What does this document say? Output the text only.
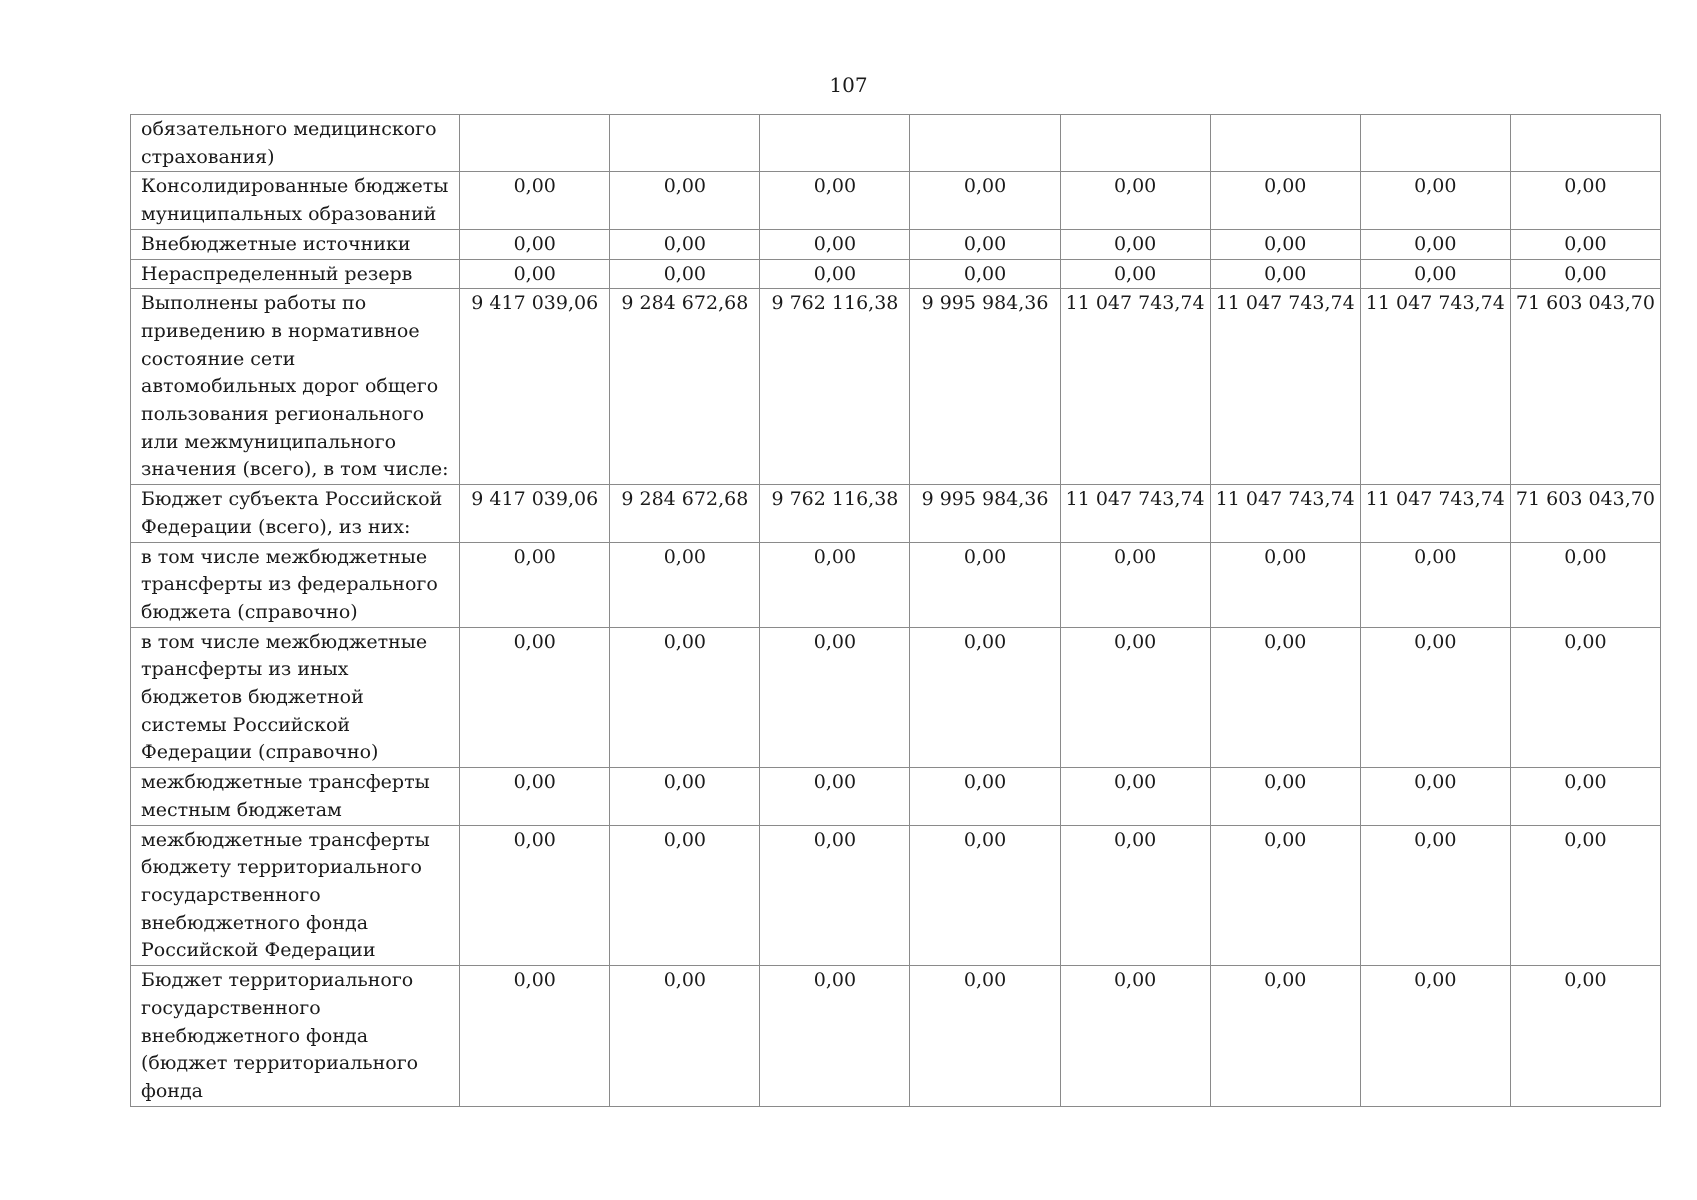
107
обязательного медицинского страхования)								
Консолидированные бюджеты муниципальных образований	0,00	0,00	0,00	0,00	0,00	0,00	0,00	0,00
Внебюджетные источники	0,00	0,00	0,00	0,00	0,00	0,00	0,00	0,00
Нераспределенный резерв	0,00	0,00	0,00	0,00	0,00	0,00	0,00	0,00
Выполнены работы по приведению в нормативное состояние сети автомобильных дорог общего пользования регионального или межмуниципального значения (всего), в том числе:	9 417 039,06	9 284 672,68	9 762 116,38	9 995 984,36	11 047 743,74	11 047 743,74	11 047 743,74	71 603 043,70
Бюджет субъекта Российской Федерации (всего), из них:	9 417 039,06	9 284 672,68	9 762 116,38	9 995 984,36	11 047 743,74	11 047 743,74	11 047 743,74	71 603 043,70
в том числе межбюджетные трансферты из федерального бюджета (справочно)	0,00	0,00	0,00	0,00	0,00	0,00	0,00	0,00
в том числе межбюджетные трансферты из иных бюджетов бюджетной системы Российской Федерации (справочно)	0,00	0,00	0,00	0,00	0,00	0,00	0,00	0,00
межбюджетные трансферты местным бюджетам	0,00	0,00	0,00	0,00	0,00	0,00	0,00	0,00
межбюджетные трансферты бюджету территориального государственного внебюджетного фонда Российской Федерации	0,00	0,00	0,00	0,00	0,00	0,00	0,00	0,00
Бюджет территориального государственного внебюджетного фонда (бюджет территориального фонда	0,00	0,00	0,00	0,00	0,00	0,00	0,00	0,00
